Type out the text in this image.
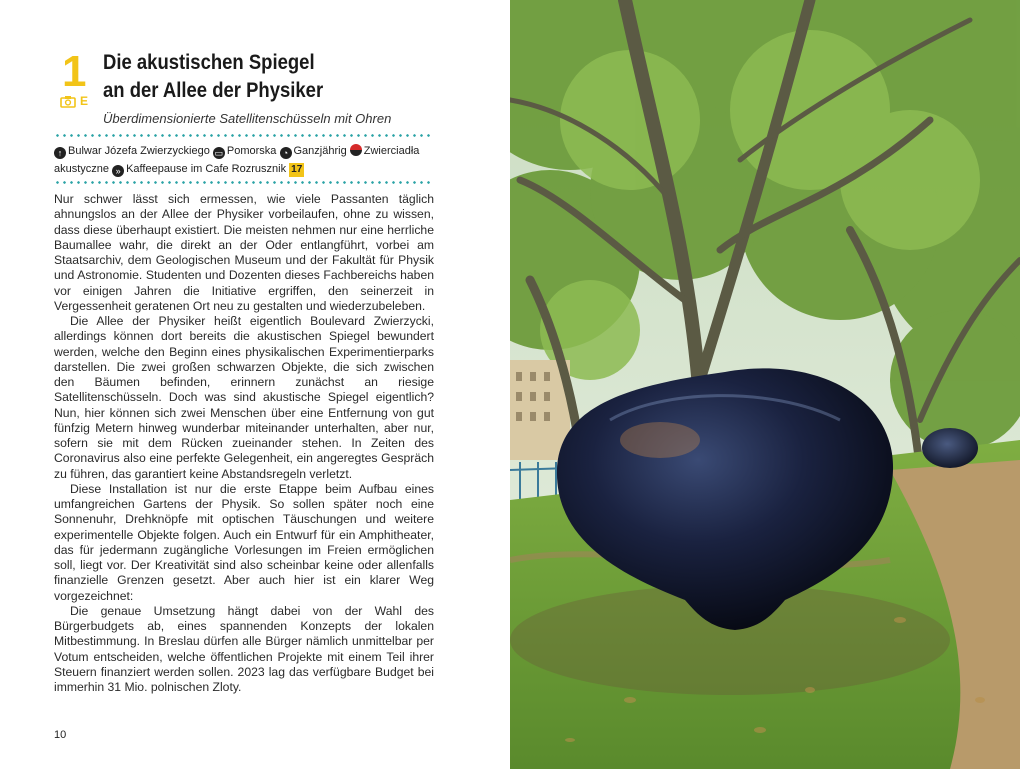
1
E
Die akustischen Spiegel
an der Allee der Physiker
Überdimensionierte Satellitenschüsseln mit Ohren
↑ Bulwar Józefa Zwierzyckiego ▭ Pomorska ◔ Ganzjährig Zwierciadła akustyczne » Kaffeepause im Cafe Rozrusznik 17

Nur schwer lässt sich ermessen, wie viele Passanten täglich ahnungslos an der Allee der Physiker vorbeilaufen, ohne zu wissen, dass diese überhaupt existiert. Die meisten nehmen nur eine herrliche Baumallee wahr, die direkt an der Oder entlangführt, vorbei am Staatsarchiv, dem Geologischen Museum und der Fakultät für Physik und Astronomie. Studenten und Dozenten dieses Fachbereichs haben vor einigen Jahren die Initiative ergriffen, den seinerzeit in Vergessenheit geratenen Ort neu zu gestalten und wiederzubeleben.

Die Allee der Physiker heißt eigentlich Boulevard Zwierzycki, allerdings können dort bereits die akustischen Spiegel bewundert werden, welche den Beginn eines physikalischen Experimentierparks darstellen. Die zwei großen schwarzen Objekte, die sich zwischen den Bäumen befinden, erinnern zunächst an riesige Satellitenschüsseln. Doch was sind akustische Spiegel eigentlich? Nun, hier können sich zwei Menschen über eine Entfernung von gut fünfzig Metern hinweg wunderbar miteinander unterhalten, aber nur, sofern sie mit dem Rücken zueinander stehen. In Zeiten des Coronavirus also eine perfekte Gelegenheit, ein angeregtes Gespräch zu führen, das garantiert keine Abstandsregeln verletzt.

Diese Installation ist nur die erste Etappe beim Aufbau eines umfangreichen Gartens der Physik. So sollen später noch eine Sonnenuhr, Drehknöpfe mit optischen Täuschungen und weitere experimentelle Objekte folgen. Auch ein Entwurf für ein Amphitheater, das für jedermann zugängliche Vorlesungen im Freien ermöglichen soll, liegt vor. Der Kreativität sind also scheinbar keine oder allenfalls finanzielle Grenzen gesetzt. Aber auch hier ist ein klarer Weg vorgezeichnet:

Die genaue Umsetzung hängt dabei von der Wahl des Bürgerbudgets ab, eines spannenden Konzepts der lokalen Mitbestimmung. In Breslau dürfen alle Bürger nämlich unmittelbar per Votum entscheiden, welche öffentlichen Projekte mit einem Teil ihrer Steuern finanziert werden sollen. 2023 lag das verfügbare Budget bei immerhin 31 Mio. polnischen Zloty.

10
